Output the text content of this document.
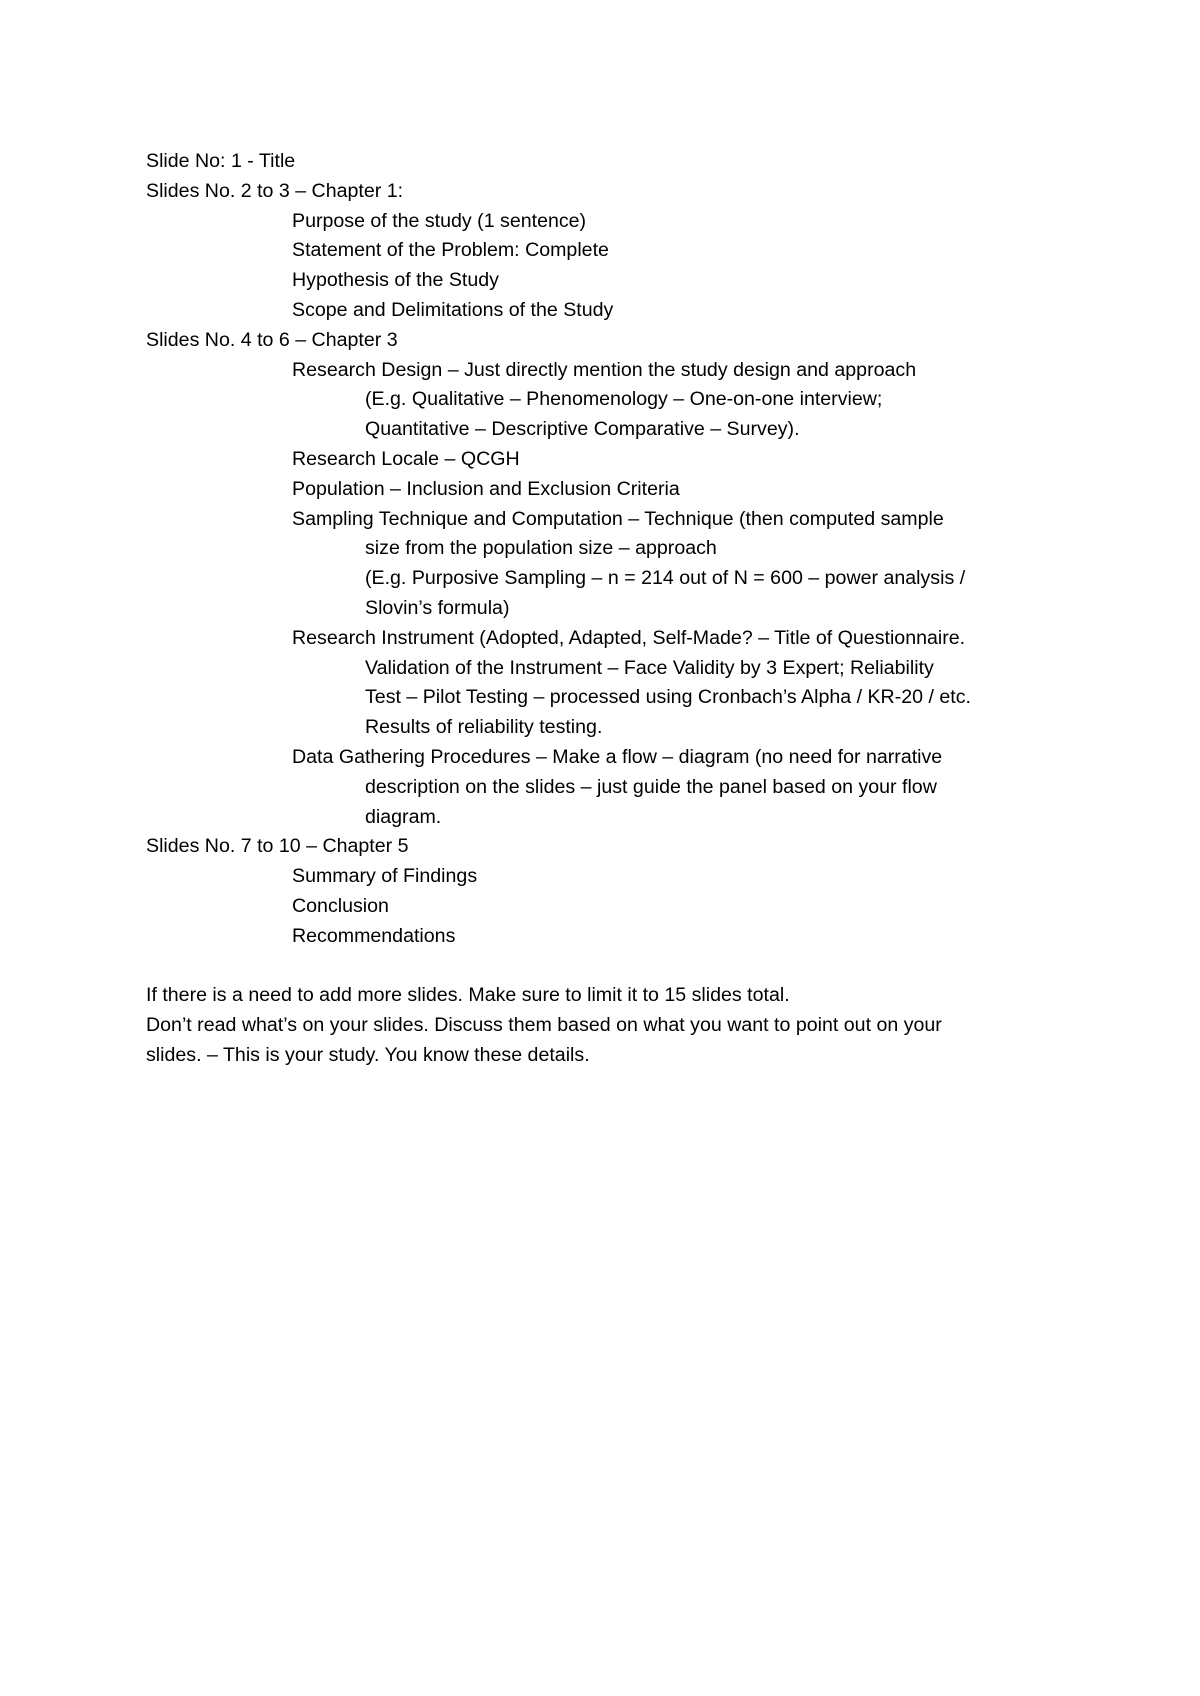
Slide No: 1 - Title
Slides No. 2 to 3 – Chapter 1:
Purpose of the study (1 sentence)
Statement of the Problem: Complete
Hypothesis of the Study
Scope and Delimitations of the Study
Slides No. 4 to 6 – Chapter 3
Research Design – Just directly mention the study design and approach
(E.g. Qualitative – Phenomenology – One-on-one interview;
Quantitative – Descriptive Comparative – Survey).
Research Locale – QCGH
Population – Inclusion and Exclusion Criteria
Sampling Technique and Computation – Technique (then computed sample
size from the population size – approach
(E.g. Purposive Sampling – n = 214 out of N = 600 – power analysis /
Slovin’s formula)
Research Instrument (Adopted, Adapted, Self-Made? – Title of Questionnaire.
Validation of the Instrument – Face Validity by 3 Expert; Reliability
Test – Pilot Testing – processed using Cronbach’s Alpha / KR-20 / etc.
Results of reliability testing.
Data Gathering Procedures – Make a flow – diagram (no need for narrative
description on the slides – just guide the panel based on your flow
diagram.
Slides No. 7 to 10 – Chapter 5
Summary of Findings
Conclusion
Recommendations
If there is a need to add more slides. Make sure to limit it to 15 slides total.
Don’t read what’s on your slides. Discuss them based on what you want to point out on your
slides. – This is your study. You know these details.
